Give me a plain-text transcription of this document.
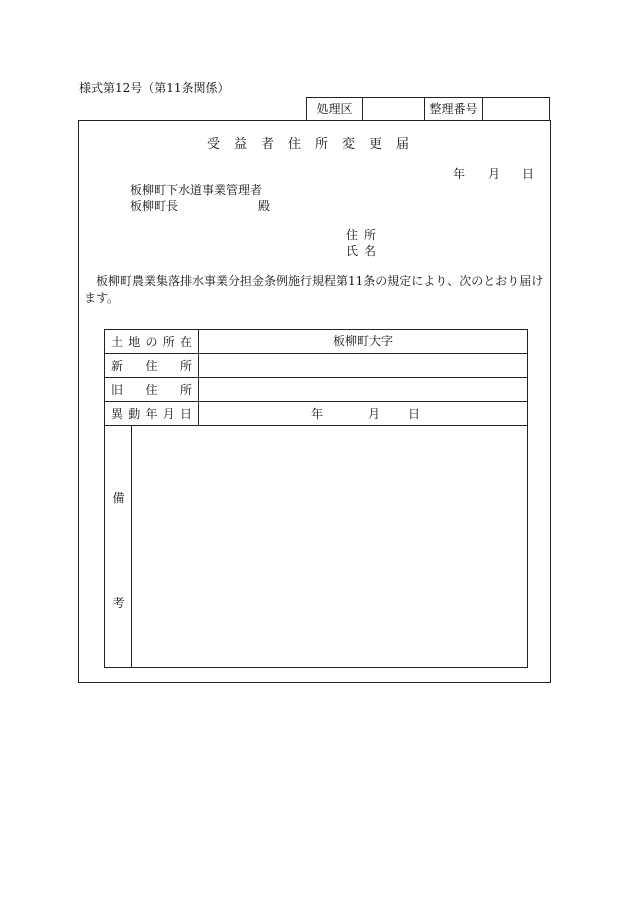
様式第12号（第11条関係）
処理区	整理番号
受益者住所変更届
年 月 日
板柳町下水道事業管理者
板柳町長	殿
住所
氏名
板柳町農業集落排水事業分担金条例施行規程第11条の規定により、次のとおり届けます。
土 地 の 所 在	板柳町大字
新 住 所
旧 住 所
異 動 年 月 日	年	月 日
備
考
